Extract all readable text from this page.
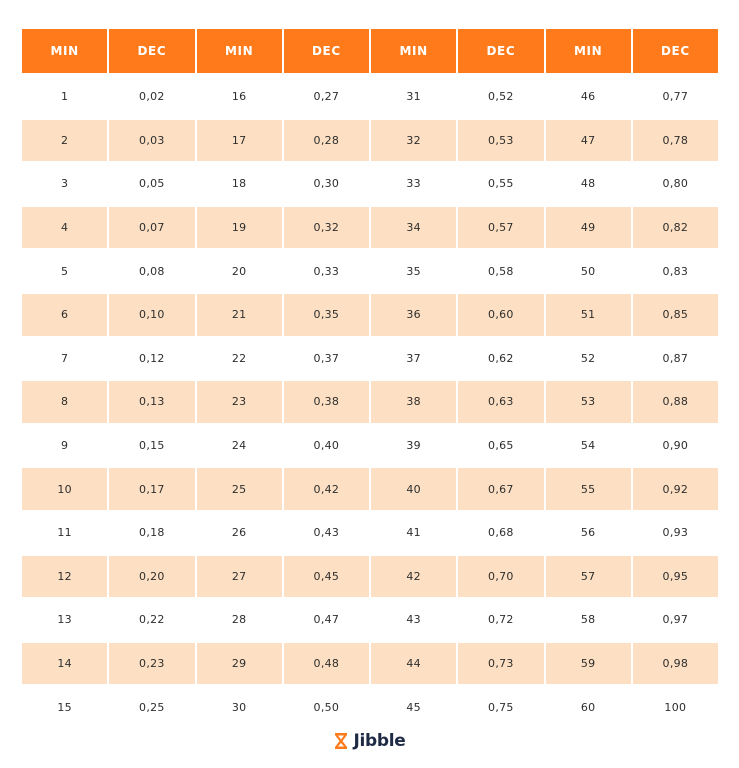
MIN	DEC	MIN	DEC	MIN	DEC	MIN	DEC
1	0,02	16	0,27	31	0,52	46	0,77
2	0,03	17	0,28	32	0,53	47	0,78
3	0,05	18	0,30	33	0,55	48	0,80
4	0,07	19	0,32	34	0,57	49	0,82
5	0,08	20	0,33	35	0,58	50	0,83
6	0,10	21	0,35	36	0,60	51	0,85
7	0,12	22	0,37	37	0,62	52	0,87
8	0,13	23	0,38	38	0,63	53	0,88
9	0,15	24	0,40	39	0,65	54	0,90
10	0,17	25	0,42	40	0,67	55	0,92
11	0,18	26	0,43	41	0,68	56	0,93
12	0,20	27	0,45	42	0,70	57	0,95
13	0,22	28	0,47	43	0,72	58	0,97
14	0,23	29	0,48	44	0,73	59	0,98
15	0,25	30	0,50	45	0,75	60	100
Jibble
